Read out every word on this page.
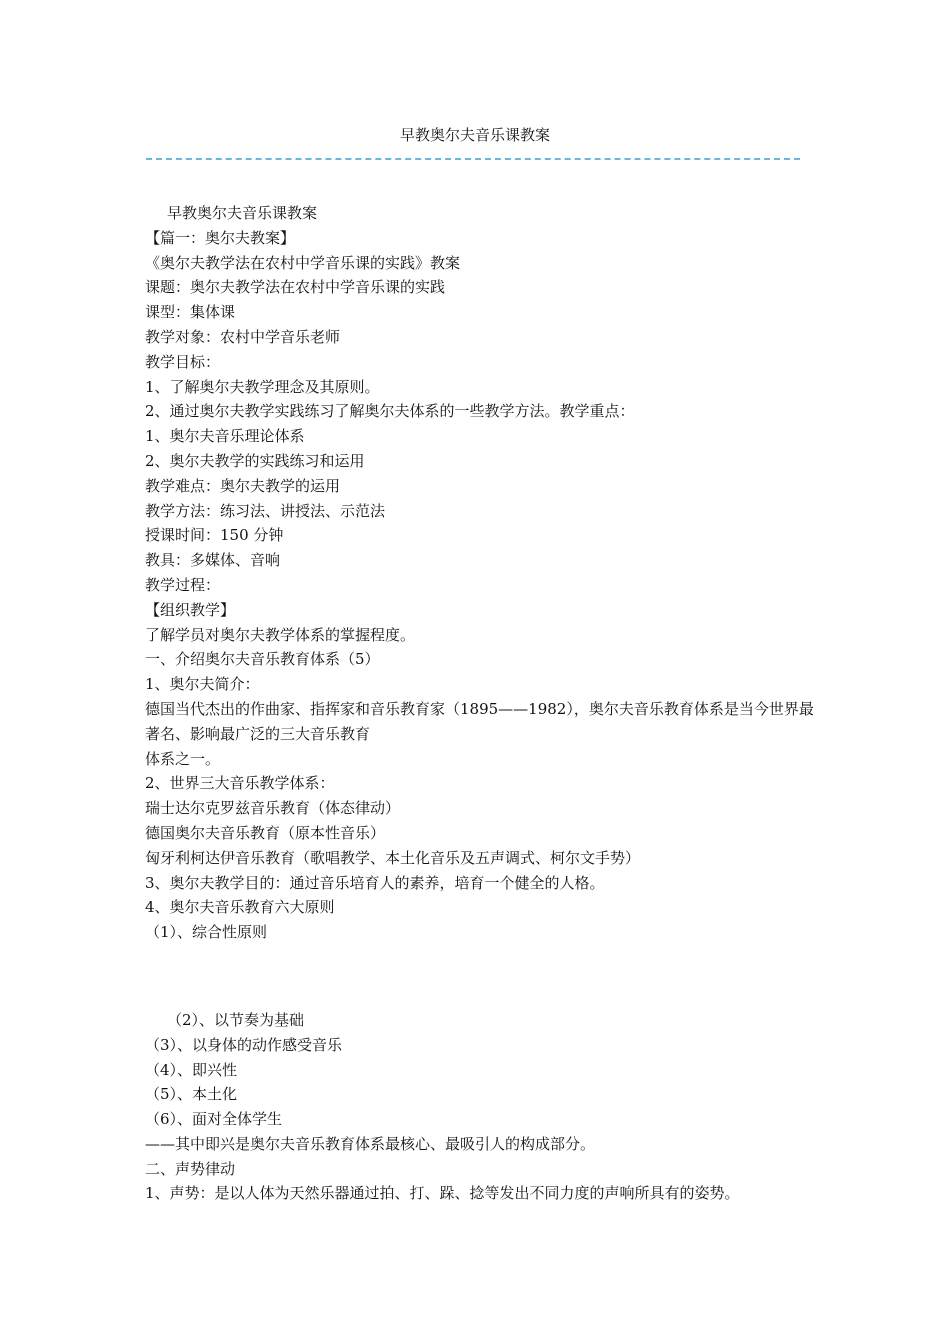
早教奥尔夫音乐课教案

早教奥尔夫音乐课教案

【篇一：奥尔夫教案】

《奥尔夫教学法在农村中学音乐课的实践》教案

课题：奥尔夫教学法在农村中学音乐课的实践

课型：集体课

教学对象：农村中学音乐老师

教学目标：

1、了解奥尔夫教学理念及其原则。

2、通过奥尔夫教学实践练习了解奥尔夫体系的一些教学方法。教学重点：

1、奥尔夫音乐理论体系

2、奥尔夫教学的实践练习和运用

教学难点：奥尔夫教学的运用

教学方法：练习法、讲授法、示范法

授课时间：150 分钟

教具：多媒体、音响

教学过程：

【组织教学】

了解学员对奥尔夫教学体系的掌握程度。

一、介绍奥尔夫音乐教育体系（5）

1、奥尔夫简介：

德国当代杰出的作曲家、指挥家和音乐教育家（1895——1982），奥尔夫音乐教育体系是当今世界最著名、影响最广泛的三大音乐教育

体系之一。

2、世界三大音乐教学体系：

瑞士达尔克罗兹音乐教育（体态律动）

德国奥尔夫音乐教育（原本性音乐）

匈牙利柯达伊音乐教育（歌唱教学、本土化音乐及五声调式、柯尔文手势）

3、奥尔夫教学目的：通过音乐培育人的素养，培育一个健全的人格。

4、奥尔夫音乐教育六大原则

（1）、综合性原则

（2）、以节奏为基础

（3）、以身体的动作感受音乐

（4）、即兴性

（5）、本土化

（6）、面对全体学生

——其中即兴是奥尔夫音乐教育体系最核心、最吸引人的构成部分。

二、声势律动

1、声势：是以人体为天然乐器通过拍、打、跺、捻等发出不同力度的声响所具有的姿势。
